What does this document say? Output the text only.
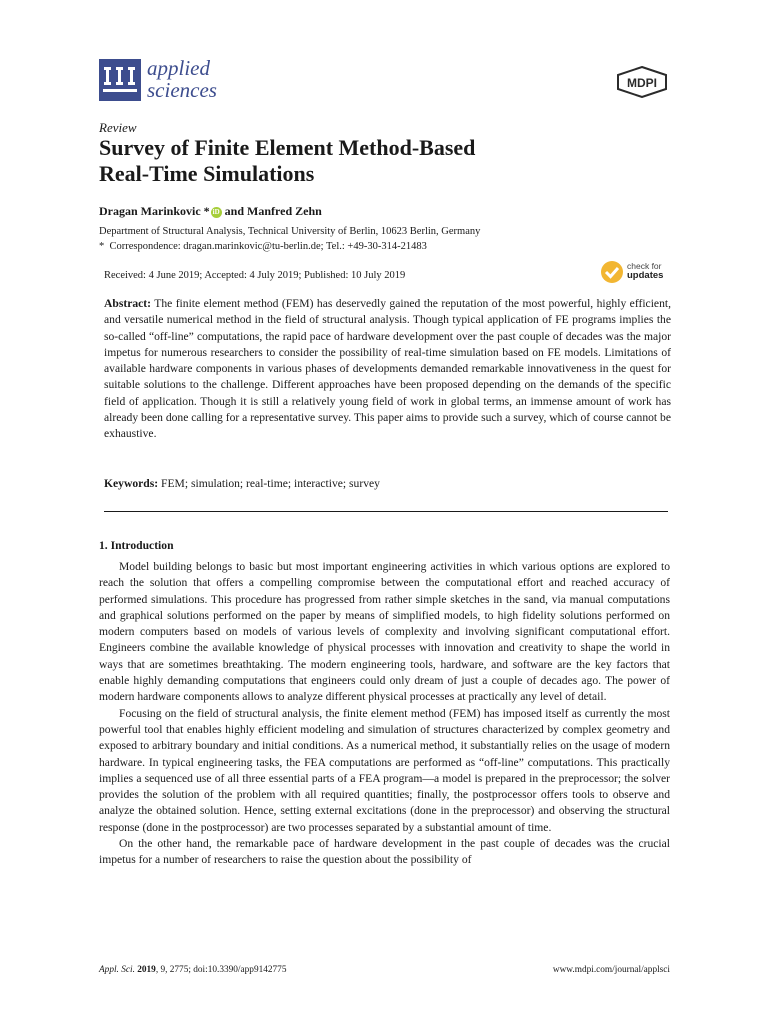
applied
sciences	MDPI
Review
Survey of Finite Element Method-Based
Real-Time Simulations
Dragan Marinkovic * iD and Manfred Zehn
Department of Structural Analysis, Technical University of Berlin, 10623 Berlin, Germany
* Correspondence: dragan.marinkovic@tu-berlin.de; Tel.: +49-30-314-21483
Received: 4 June 2019; Accepted: 4 July 2019; Published: 10 July 2019
check for
updates

Abstract: The finite element method (FEM) has deservedly gained the reputation of the most powerful, highly efficient, and versatile numerical method in the field of structural analysis. Though typical application of FE programs implies the so-called “off-line” computations, the rapid pace of hardware development over the past couple of decades was the major impetus for numerous researchers to consider the possibility of real-time simulation based on FE models. Limitations of available hardware components in various phases of developments demanded remarkable innovativeness in the quest for suitable solutions to the challenge. Different approaches have been proposed depending on the demands of the specific field of application. Though it is still a relatively young field of work in global terms, an immense amount of work has already been done calling for a representative survey. This paper aims to provide such a survey, which of course cannot be exhaustive.

Keywords: FEM; simulation; real-time; interactive; survey
1. Introduction

Model building belongs to basic but most important engineering activities in which various options are explored to reach the solution that offers a compelling compromise between the computational effort and reached accuracy of performed simulations. This procedure has progressed from rather simple sketches in the sand, via manual computations and graphical solutions performed on the paper by means of simplified models, to high fidelity solutions performed on modern computers based on models of various levels of complexity and involving significant computational effort. Engineers combine the available knowledge of physical processes with innovation and creativity to shape the world in ways that are sometimes breathtaking. The modern engineering tools, hardware, and software are the key factors that enable highly demanding computations that engineers could only dream of just a couple of decades ago. The power of modern hardware components allows to analyze different physical processes at practically any level of detail.

Focusing on the field of structural analysis, the finite element method (FEM) has imposed itself as currently the most powerful tool that enables highly efficient modeling and simulation of structures characterized by complex geometry and exposed to arbitrary boundary and initial conditions. As a numerical method, it substantially relies on the usage of modern hardware. In typical engineering tasks, the FEA computations are performed as “off-line” computations. This practically implies a sequenced use of all three essential parts of a FEA program—a model is prepared in the preprocessor; the solver provides the solution of the problem with all required quantities; finally, the postprocessor offers tools to observe and analyze the obtained solution. Hence, setting external excitations (done in the preprocessor) and observing the structural response (done in the postprocessor) are two processes separated by a substantial amount of time.

On the other hand, the remarkable pace of hardware development in the past couple of decades was the crucial impetus for a number of researchers to raise the question about the possibility of

Appl. Sci. 2019, 9, 2775; doi:10.3390/app9142775	www.mdpi.com/journal/applsci
